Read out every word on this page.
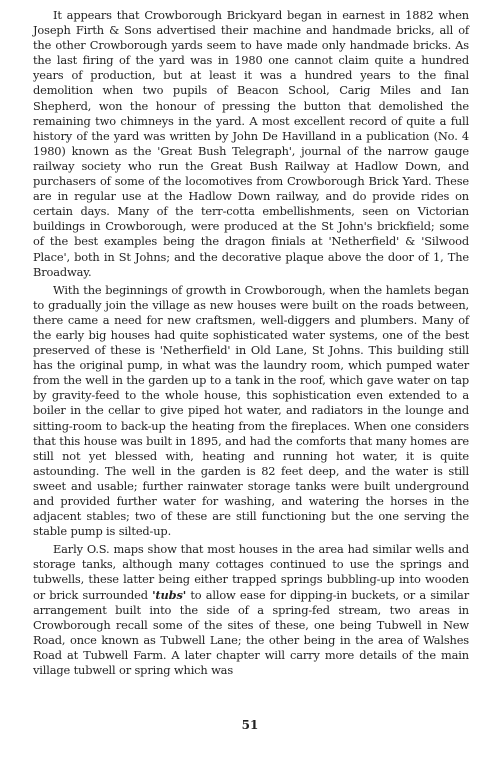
It appears that Crowborough Brickyard began in earnest in 1882 when Joseph Firth & Sons advertised their machine and handmade bricks, all of the other Crowborough yards seem to have made only handmade bricks. As the last firing of the yard was in 1980 one cannot claim quite a hundred years of production, but at least it was a hundred years to the final demolition when two pupils of Beacon School, Carig Miles and Ian Shepherd, won the honour of pressing the button that demolished the remaining two chimneys in the yard. A most excellent record of quite a full history of the yard was written by John De Havilland in a publication (No. 4 1980) known as the 'Great Bush Telegraph', journal of the narrow gauge railway society who run the Great Bush Railway at Hadlow Down, and purchasers of some of the locomotives from Crowborough Brick Yard. These are in regular use at the Hadlow Down railway, and do provide rides on certain days. Many of the terr-cotta embellishments, seen on Victorian buildings in Crowborough, were produced at the St John's brickfield; some of the best examples being the dragon finials at 'Netherfield' & 'Silwood Place', both in St Johns; and the decorative plaque above the door of 1, The Broadway.

With the beginnings of growth in Crowborough, when the hamlets began to gradually join the village as new houses were built on the roads between, there came a need for new craftsmen, well-diggers and plumbers. Many of the early big houses had quite sophisticated water systems, one of the best preserved of these is 'Netherfield' in Old Lane, St Johns. This building still has the original pump, in what was the laundry room, which pumped water from the well in the garden up to a tank in the roof, which gave water on tap by gravity-feed to the whole house, this sophistication even extended to a boiler in the cellar to give piped hot water, and radiators in the lounge and sitting-room to back-up the heating from the fireplaces. When one considers that this house was built in 1895, and had the comforts that many homes are still not yet blessed with, heating and running hot water, it is quite astounding. The well in the garden is 82 feet deep, and the water is still sweet and usable; further rainwater storage tanks were built underground and provided further water for washing, and watering the horses in the adjacent stables; two of these are still functioning but the one serving the stable pump is silted-up.

Early O.S. maps show that most houses in the area had similar wells and storage tanks, although many cottages continued to use the springs and tubwells, these latter being either trapped springs bubbling-up into wooden or brick surrounded 'tubs' to allow ease for dipping-in buckets, or a similar arrangement built into the side of a spring-fed stream, two areas in Crowborough recall some of the sites of these, one being Tubwell in New Road, once known as Tubwell Lane; the other being in the area of Walshes Road at Tubwell Farm. A later chapter will carry more details of the main village tubwell or spring which was

51
